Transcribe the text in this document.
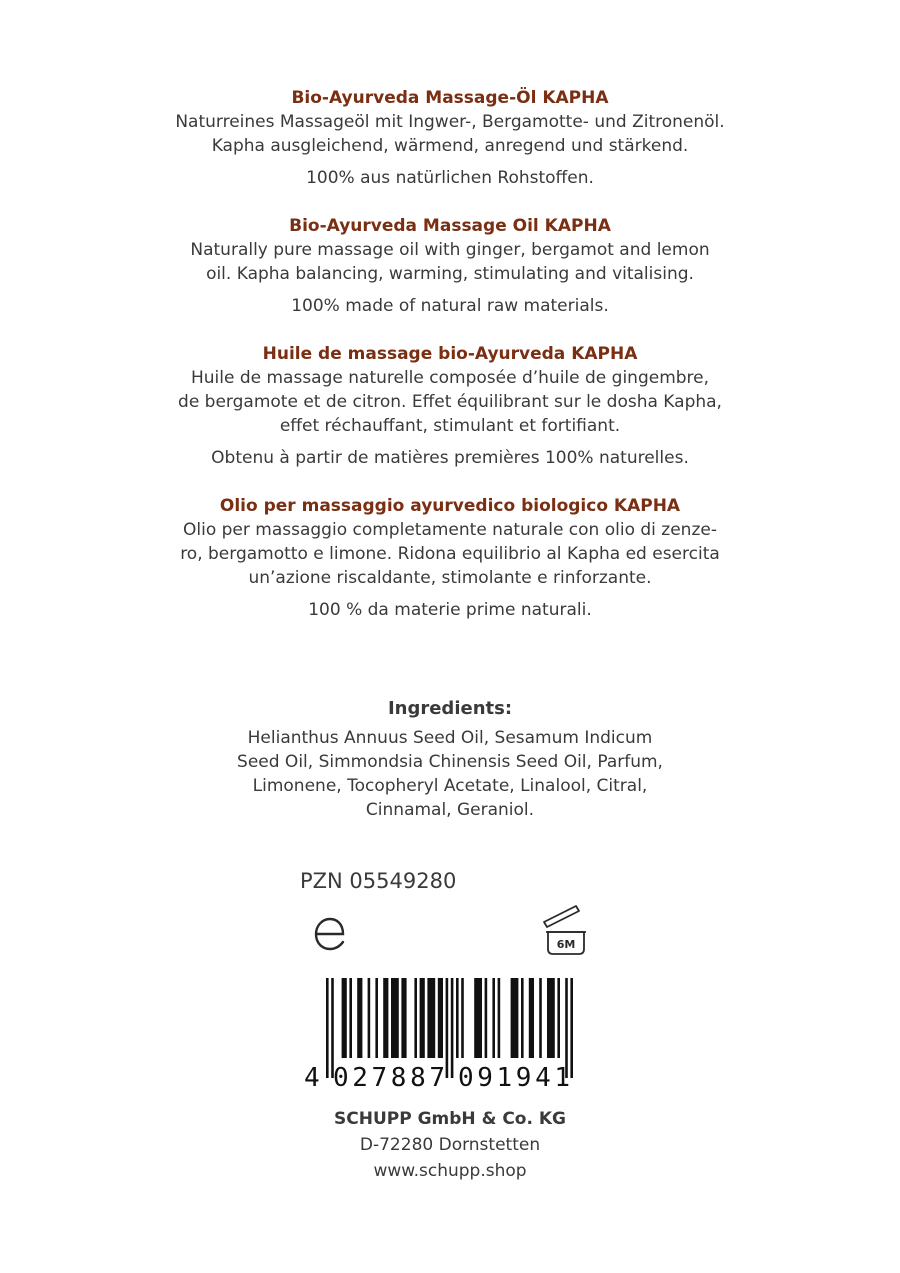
Bio-Ayurveda Massage-Öl KAPHA

Naturreines Massageöl mit Ingwer-, Bergamotte- und Zitronenöl.
Kapha ausgleichend, wärmend, anregend und stärkend.

100% aus natürlichen Rohstoffen.

Bio-Ayurveda Massage Oil KAPHA

Naturally pure massage oil with ginger, bergamot and lemon
oil. Kapha balancing, warming, stimulating and vitalising.

100% made of natural raw materials.

Huile de massage bio-Ayurveda KAPHA

Huile de massage naturelle composée d’huile de gingembre,
de bergamote et de citron. Effet équilibrant sur le dosha Kapha,
effet réchauffant, stimulant et fortifiant.

Obtenu à partir de matières premières 100% naturelles.

Olio per massaggio ayurvedico biologico KAPHA

Olio per massaggio completamente naturale con olio di zenze-
ro, bergamotto e limone. Ridona equilibrio al Kapha ed esercita
un’azione riscaldante, stimolante e rinforzante.

100 % da materie prime naturali.

Ingredients:

Helianthus Annuus Seed Oil, Sesamum Indicum
Seed Oil, Simmondsia Chinensis Seed Oil, Parfum,
Limonene, Tocopheryl Acetate, Linalool, Citral,
Cinnamal, Geraniol.

PZN 05549280
6M
4 027887 091941

SCHUPP GmbH & Co. KG

D-72280 Dornstetten

www.schupp.shop
